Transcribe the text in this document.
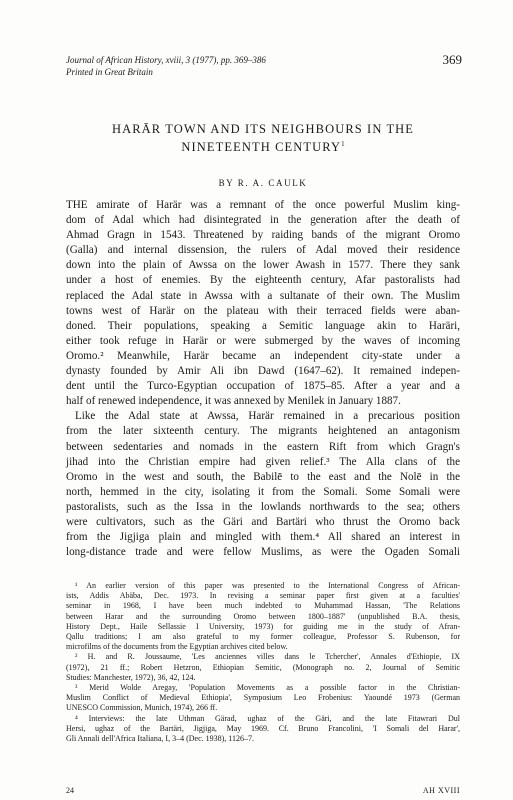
Journal of African History, xviii, 3 (1977), pp. 369–386
Printed in Great Britain
369
HARĀR TOWN AND ITS NEIGHBOURS IN THE
NINETEENTH CENTURY$^1$
BY R. A. CAULK
THE amirate of Harär was a remnant of the once powerful Muslim king-
dom of Adal which had disintegrated in the generation after the death of
Ahmad Gragn in 1543. Threatened by raiding bands of the migrant Oromo
(Galla) and internal dissension, the rulers of Adal moved their residence
down into the plain of Awssa on the lower Awash in 1577. There they sank
under a host of enemies. By the eighteenth century, Afar pastoralists had
replaced the Adal state in Awssa with a sultanate of their own. The Muslim
towns west of Harär on the plateau with their terraced fields were aban-
doned. Their populations, speaking a Semitic language akin to Haräri,
either took refuge in Harär or were submerged by the waves of incoming
Oromo.² Meanwhile, Harär became an independent city-state under a
dynasty founded by Amir Ali ibn Dawd (1647–62). It remained indepen-
dent until the Turco-Egyptian occupation of 1875–85. After a year and a
half of renewed independence, it was annexed by Menilek in January 1887.
Like the Adal state at Awssa, Harär remained in a precarious position
from the later sixteenth century. The migrants heightened an antagonism
between sedentaries and nomads in the eastern Rift from which Gragn's
jihad into the Christian empire had given relief.³ The Alla clans of the
Oromo in the west and south, the Babilē to the east and the Nolē in the
north, hemmed in the city, isolating it from the Somali. Some Somali were
pastoralists, such as the Issa in the lowlands northwards to the sea; others
were cultivators, such as the Gäri and Bartäri who thrust the Oromo back
from the Jigjiga plain and mingled with them.⁴ All shared an interest in
long-distance trade and were fellow Muslims, as were the Ogaden Somali
¹ An earlier version of this paper was presented to the International Congress of African-
ists, Addis Abäba, Dec. 1973. In revising a seminar paper first given at a faculties'
seminar in 1968, I have been much indebted to Muhammad Hassan, 'The Relations
between Harar and the surrounding Oromo between 1800–1887' (unpublished B.A. thesis,
History Dept., Haile Sellassie I University, 1973) for guiding me in the study of Afran-
Qallu traditions; I am also grateful to my former colleague, Professor S. Rubenson, for
microfilms of the documents from the Egyptian archives cited below.
² H. and R. Joussaume, 'Les anciennes villes dans le Tchercher', Annales d'Ethiopie, IX
(1972), 21 ff.; Robert Hetzron, Ethiopian Semitic, (Monograph no. 2, Journal of Semitic
Studies: Manchester, 1972), 36, 42, 124.
³ Merid Wolde Aregay, 'Population Movements as a possible factor in the Christian-
Muslim Conflict of Medieval Ethiopia', Symposium Leo Frobenius: Yaoundé 1973 (German
UNESCO Commission, Munich, 1974), 266 ff.
⁴ Interviews: the late Uthman Gärad, ughaz of the Gäri, and the late Fitawrari Dul
Hersi, ughaz of the Bartäri, Jigjiga, May 1969. Cf. Bruno Francolini, 'I Somali del Harar',
Gli Annali dell'Africa Italiana, I, 3–4 (Dec. 1938), 1126–7.
24	AH XVIII
